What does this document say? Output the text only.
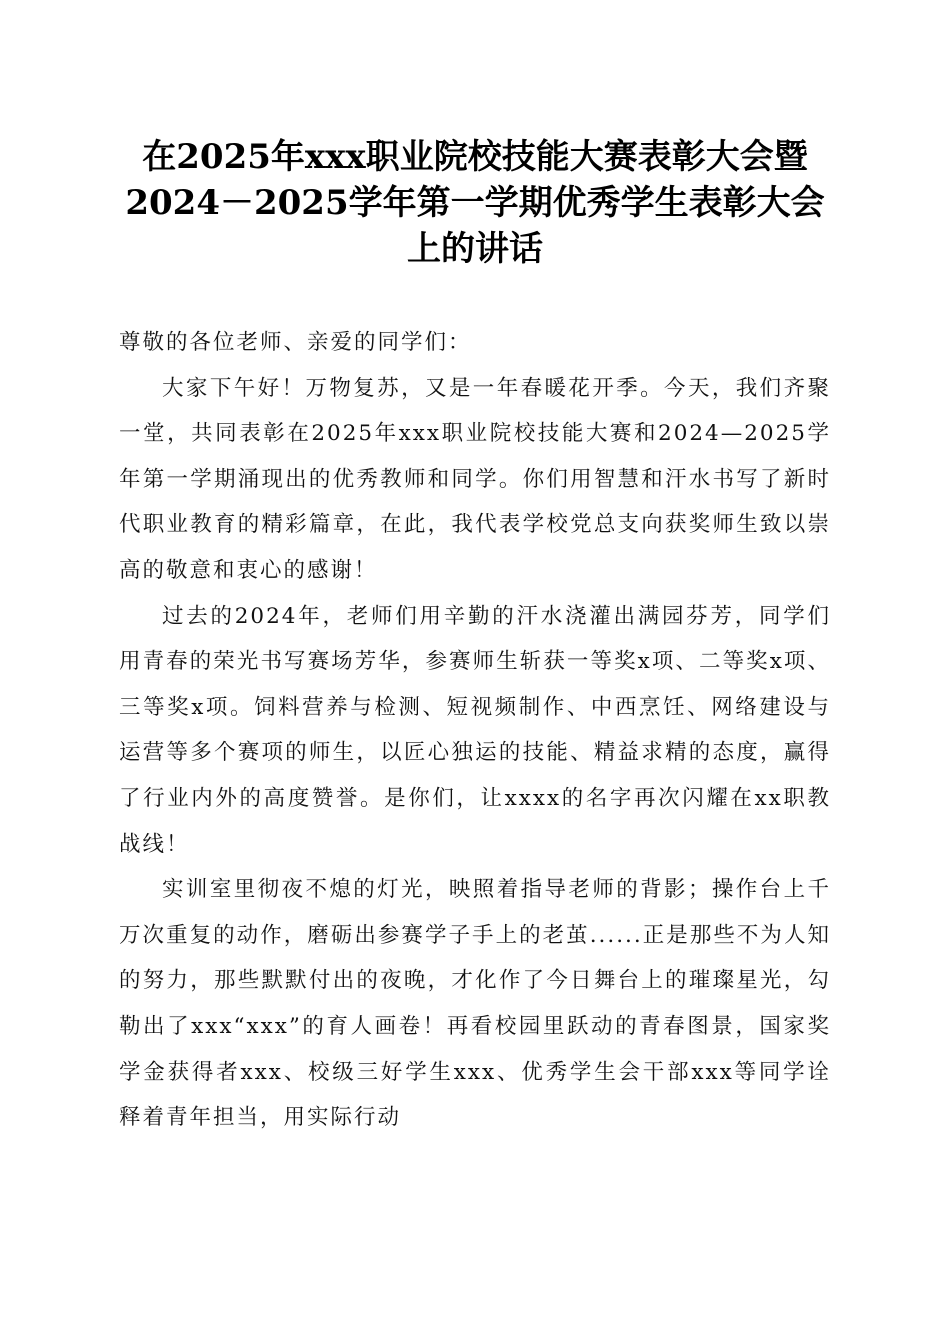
在2025年xxx职业院校技能大赛表彰大会暨
2024－2025学年第一学期优秀学生表彰大会
上的讲话

尊敬的各位老师、亲爱的同学们：

大家下午好！万物复苏，又是一年春暖花开季。今天，我们齐聚一堂，共同表彰在2025年xxx职业院校技能大赛和2024—2025学年第一学期涌现出的优秀教师和同学。你们用智慧和汗水书写了新时代职业教育的精彩篇章，在此，我代表学校党总支向获奖师生致以崇高的敬意和衷心的感谢！

过去的2024年，老师们用辛勤的汗水浇灌出满园芬芳，同学们用青春的荣光书写赛场芳华，参赛师生斩获一等奖x项、二等奖x项、三等奖x项。饲料营养与检测、短视频制作、中西烹饪、网络建设与运营等多个赛项的师生，以匠心独运的技能、精益求精的态度，赢得了行业内外的高度赞誉。是你们，让xxxx的名字再次闪耀在xx职教战线！

实训室里彻夜不熄的灯光，映照着指导老师的背影；操作台上千万次重复的动作，磨砺出参赛学子手上的老茧......正是那些不为人知的努力，那些默默付出的夜晚，才化作了今日舞台上的璀璨星光，勾勒出了xxx“xxx”的育人画卷！再看校园里跃动的青春图景，国家奖学金获得者xxx、校级三好学生xxx、优秀学生会干部xxx等同学诠释着青年担当，用实际行动
